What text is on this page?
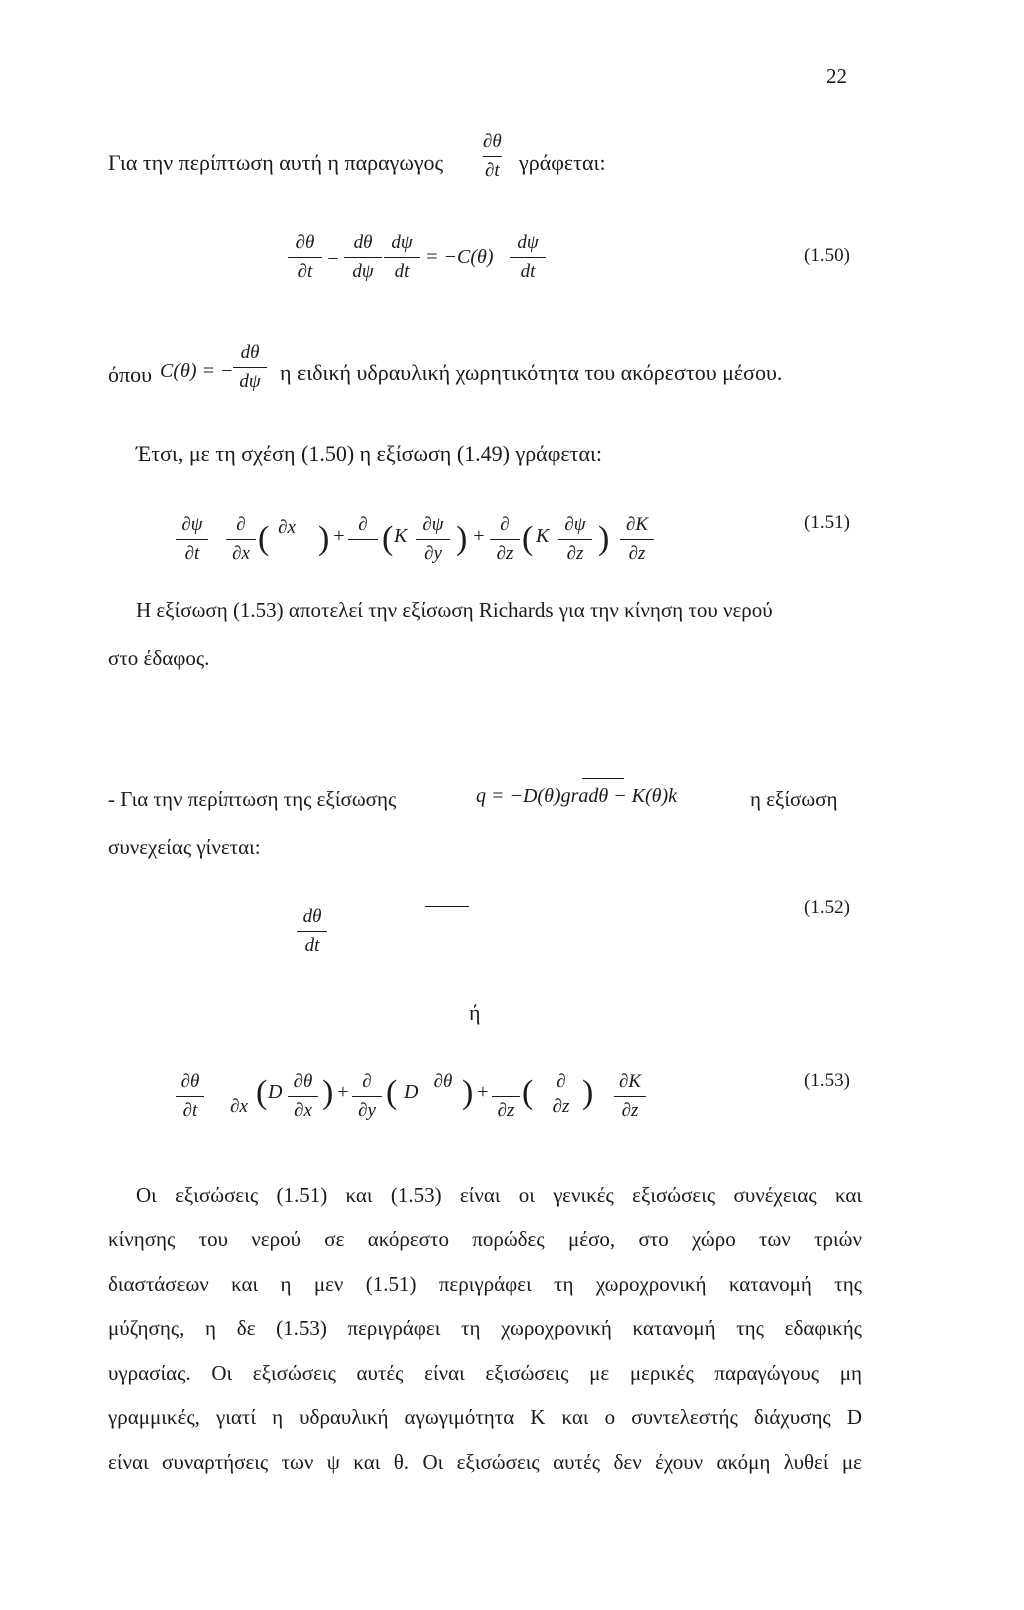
22
Για την περίπτωση αυτή η παραγωγος
∂θ
∂t γράφεται:
∂θ
∂t
−
dθ
dψ
dψ
dt
= −C(θ)
dψ
dt
(1.50)
όπου C(θ) = −
dθ
dψ η ειδική υδραυλική χωρητικότητα του ακόρεστου μέσου.
Έτσι, με τη σχέση (1.50) η εξίσωση (1.49) γράφεται:
∂ψ
∂t
∂
∂x ( ∂x ) +
∂
( K
∂ψ
∂y ) +
∂
∂z ( K
∂ψ
∂z ) ∂K
∂z
(1.51)
Η εξίσωση (1.53) αποτελεί την εξίσωση Richards για την κίνηση του νερού
στο έδαφος.
- Για την περίπτωση της εξίσωσης	q = −D(θ)gradθ − K(θ)k	η εξίσωση
συνεχείας γίνεται:
dθ
dt
(1.52)
ή
∂θ
∂t
	∂x ( D ∂θ
∂x ) + ∂
∂y ( D ∂θ
) +

∂z (	∂
∂z ) ∂K
∂z
(1.53)
Οι εξισώσεις (1.51) και (1.53) είναι οι γενικές εξισώσεις συνέχειας και
κίνησης του νερού σε ακόρεστο πορώδες μέσο, στο χώρο των τριών
διαστάσεων και η μεν (1.51) περιγράφει τη χωροχρονική κατανομή της
μύζησης, η δε (1.53) περιγράφει τη χωροχρονική κατανομή της εδαφικής
υγρασίας. Οι εξισώσεις αυτές είναι εξισώσεις με μερικές παραγώγους μη
γραμμικές, γιατί η υδραυλική αγωγιμότητα K και ο συντελεστής διάχυσης D
είναι συναρτήσεις των ψ και θ. Οι εξισώσεις αυτές δεν έχουν ακόμη λυθεί με
